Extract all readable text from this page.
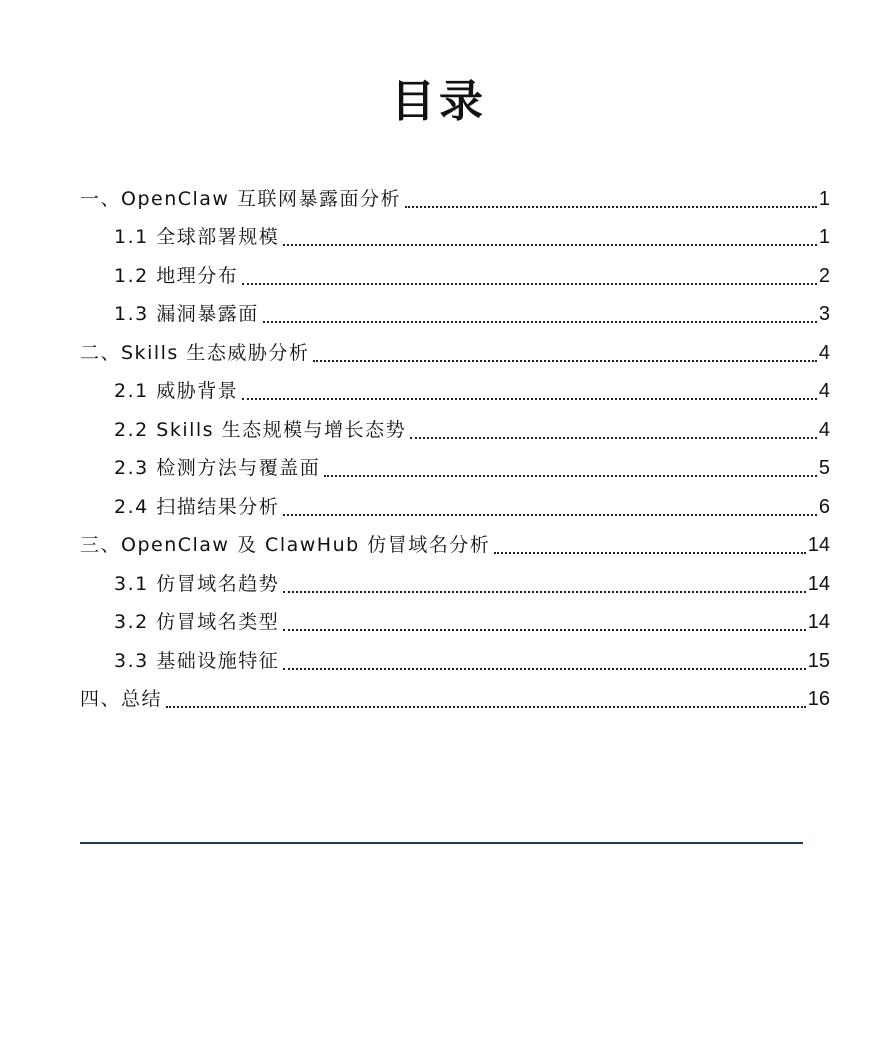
目录
一、OpenClaw 互联网暴露面分析	1
1.1 全球部署规模	1
1.2 地理分布	2
1.3 漏洞暴露面	3
二、Skills 生态威胁分析	4
2.1 威胁背景	4
2.2 Skills 生态规模与增长态势	4
2.3 检测方法与覆盖面	5
2.4 扫描结果分析	6
三、OpenClaw 及 ClawHub 仿冒域名分析	14
3.1 仿冒域名趋势	14
3.2 仿冒域名类型	14
3.3 基础设施特征	15
四、总结	16
